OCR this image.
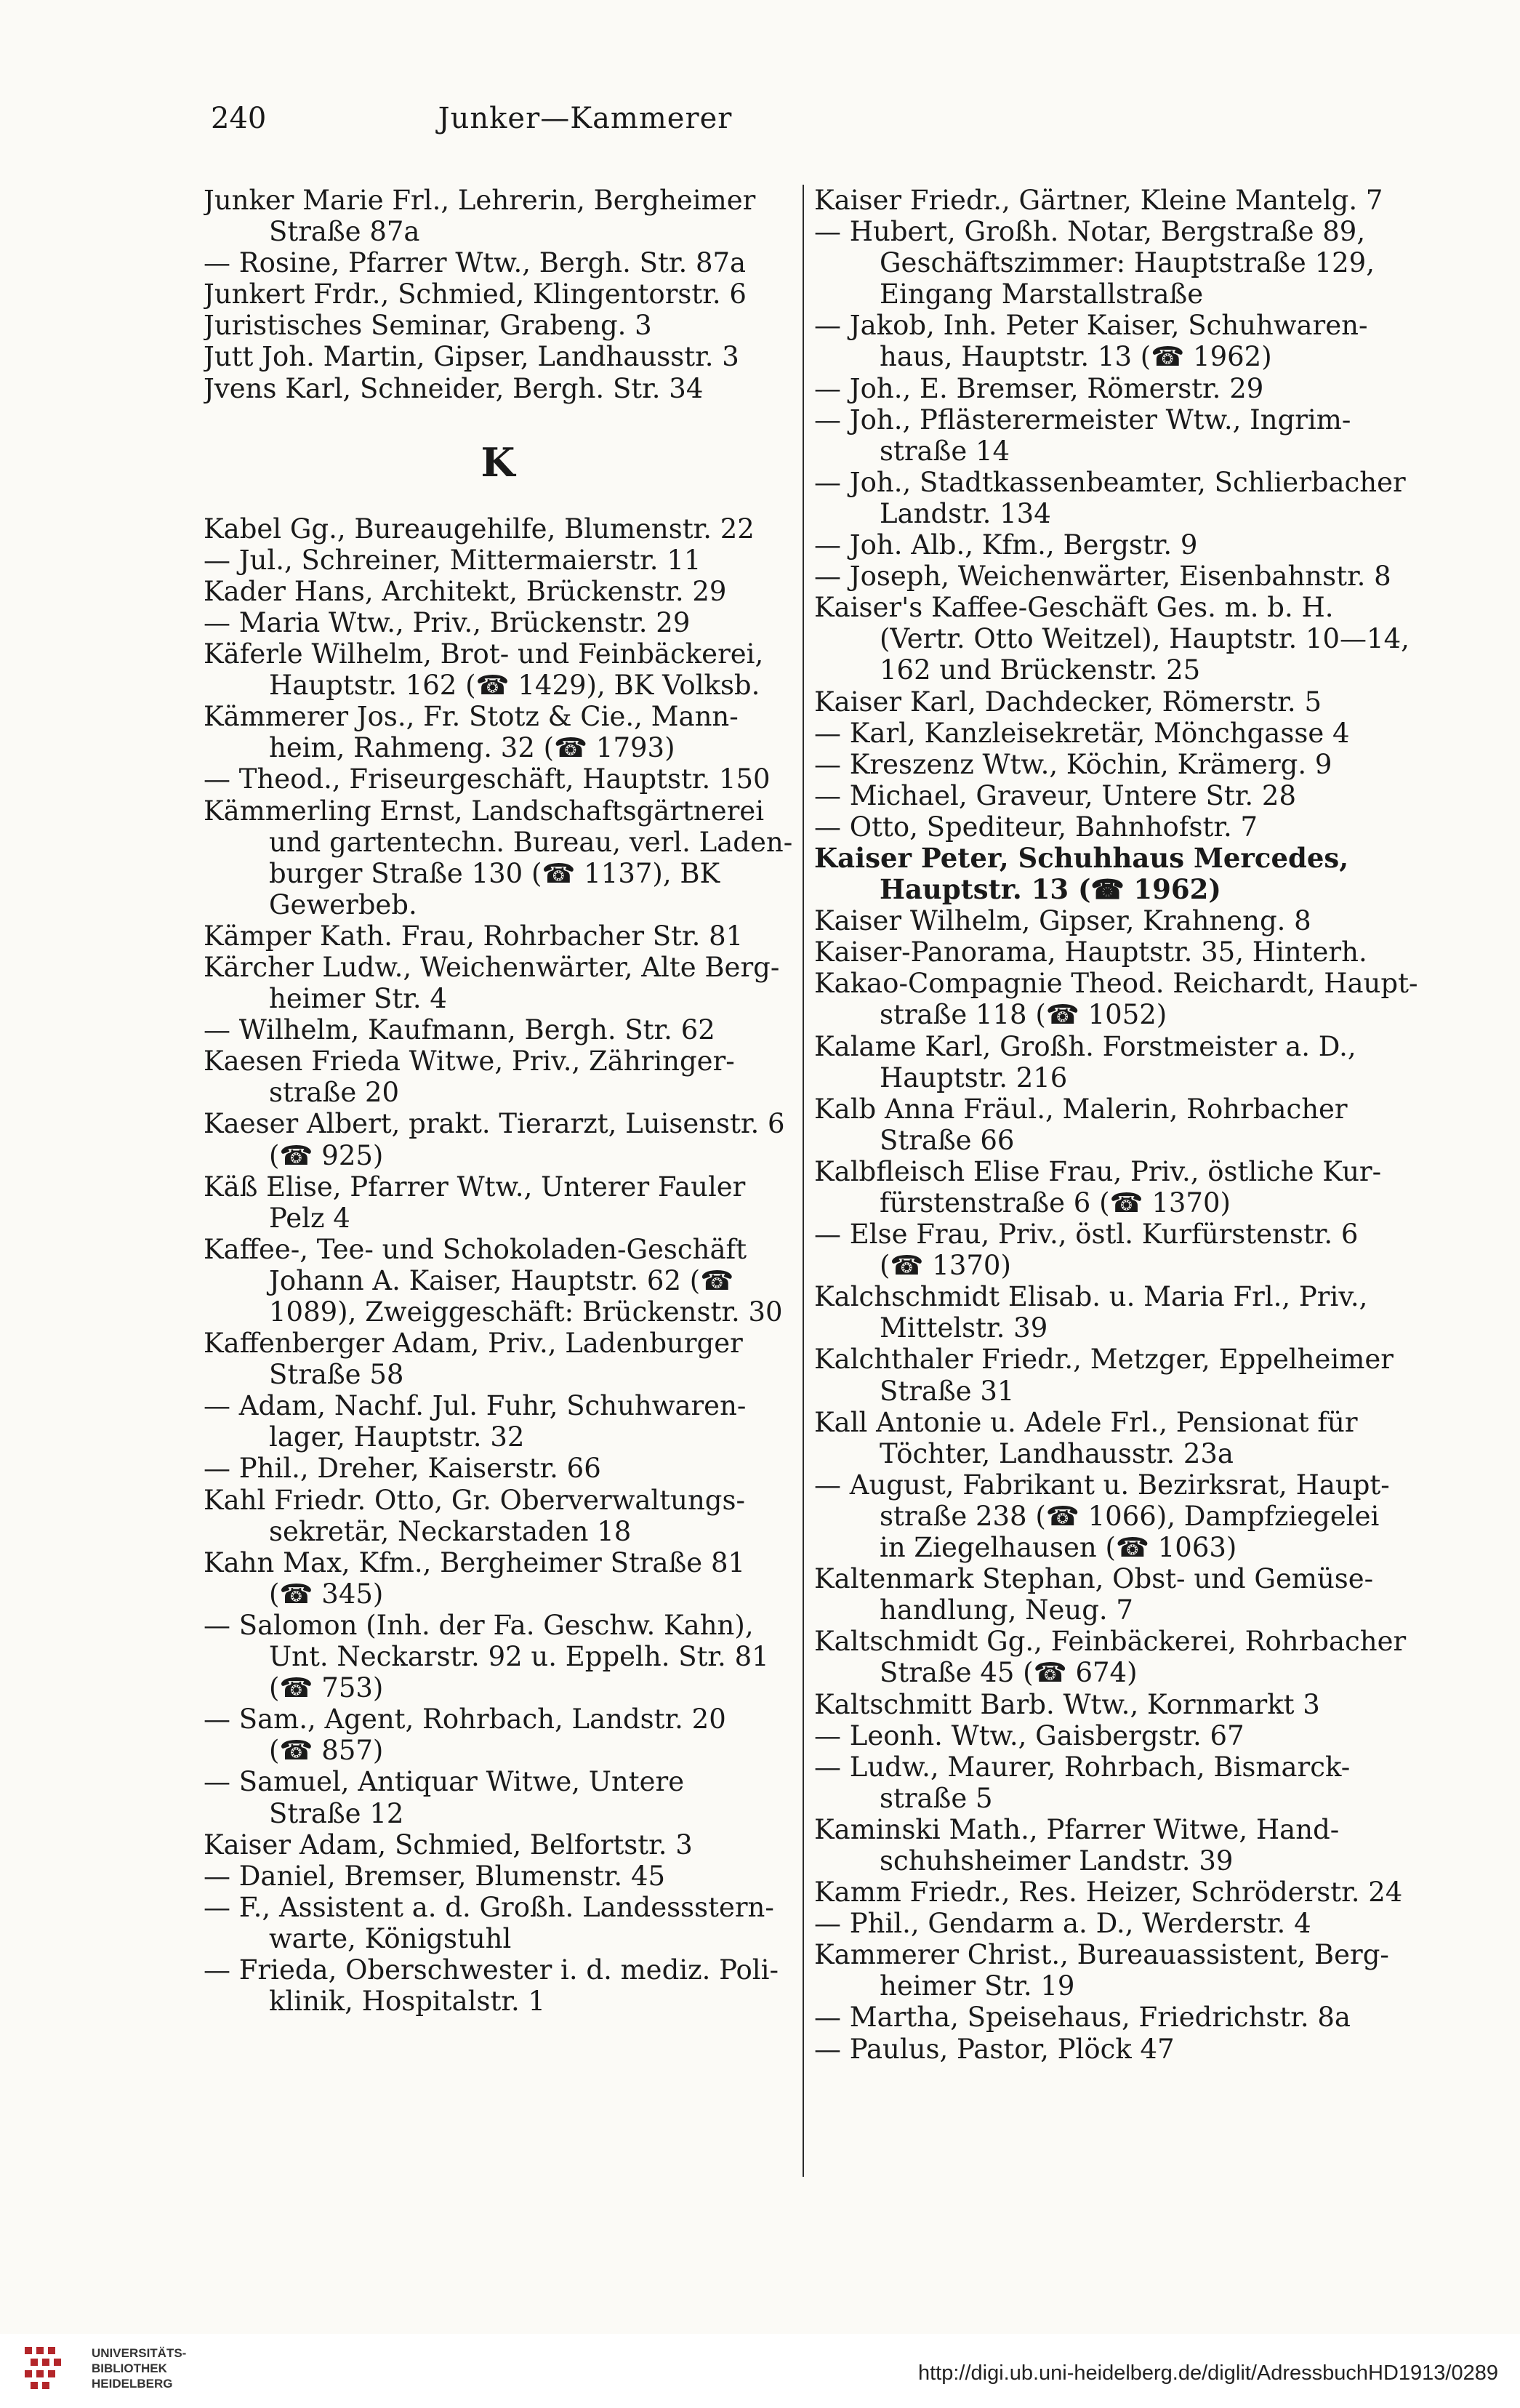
240	Junker—Kammerer
Junker Marie Frl., Lehrerin, Bergheimer
Straße 87a
— Rosine, Pfarrer Wtw., Bergh. Str. 87a
Junkert Frdr., Schmied, Klingentorstr. 6
Juristisches Seminar, Grabeng. 3
Jutt Joh. Martin, Gipser, Landhausstr. 3
Jvens Karl, Schneider, Bergh. Str. 34
K
Kabel Gg., Bureaugehilfe, Blumenstr. 22
— Jul., Schreiner, Mittermaierstr. 11
Kader Hans, Architekt, Brückenstr. 29
— Maria Wtw., Priv., Brückenstr. 29
Käferle Wilhelm, Brot- und Feinbäckerei,
Hauptstr. 162 (☎ 1429), BK Volksb.
Kämmerer Jos., Fr. Stotz & Cie., Mann-
heim, Rahmeng. 32 (☎ 1793)
— Theod., Friseurgeschäft, Hauptstr. 150
Kämmerling Ernst, Landschaftsgärtnerei
und gartentechn. Bureau, verl. Laden-
burger Straße 130 (☎ 1137), BK
Gewerbeb.
Kämper Kath. Frau, Rohrbacher Str. 81
Kärcher Ludw., Weichenwärter, Alte Berg-
heimer Str. 4
— Wilhelm, Kaufmann, Bergh. Str. 62
Kaesen Frieda Witwe, Priv., Zähringer-
straße 20
Kaeser Albert, prakt. Tierarzt, Luisenstr. 6
(☎ 925)
Käß Elise, Pfarrer Wtw., Unterer Fauler
Pelz 4
Kaffee-, Tee- und Schokoladen-Geschäft
Johann A. Kaiser, Hauptstr. 62 (☎
1089), Zweiggeschäft: Brückenstr. 30
Kaffenberger Adam, Priv., Ladenburger
Straße 58
— Adam, Nachf. Jul. Fuhr, Schuhwaren-
lager, Hauptstr. 32
— Phil., Dreher, Kaiserstr. 66
Kahl Friedr. Otto, Gr. Oberverwaltungs-
sekretär, Neckarstaden 18
Kahn Max, Kfm., Bergheimer Straße 81
(☎ 345)
— Salomon (Inh. der Fa. Geschw. Kahn),
Unt. Neckarstr. 92 u. Eppelh. Str. 81
(☎ 753)
— Sam., Agent, Rohrbach, Landstr. 20
(☎ 857)
— Samuel, Antiquar Witwe, Untere
Straße 12
Kaiser Adam, Schmied, Belfortstr. 3
— Daniel, Bremser, Blumenstr. 45
— F., Assistent a. d. Großh. Landessstern-
warte, Königstuhl
— Frieda, Oberschwester i. d. mediz. Poli-
klinik, Hospitalstr. 1
Kaiser Friedr., Gärtner, Kleine Mantelg. 7
— Hubert, Großh. Notar, Bergstraße 89,
Geschäftszimmer: Hauptstraße 129,
Eingang Marstallstraße
— Jakob, Inh. Peter Kaiser, Schuhwaren-
haus, Hauptstr. 13 (☎ 1962)
— Joh., E. Bremser, Römerstr. 29
— Joh., Pflästerermeister Wtw., Ingrim-
straße 14
— Joh., Stadtkassenbeamter, Schlierbacher
Landstr. 134
— Joh. Alb., Kfm., Bergstr. 9
— Joseph, Weichenwärter, Eisenbahnstr. 8
Kaiser's Kaffee-Geschäft Ges. m. b. H.
(Vertr. Otto Weitzel), Hauptstr. 10—14,
162 und Brückenstr. 25
Kaiser Karl, Dachdecker, Römerstr. 5
— Karl, Kanzleisekretär, Mönchgasse 4
— Kreszenz Wtw., Köchin, Krämerg. 9
— Michael, Graveur, Untere Str. 28
— Otto, Spediteur, Bahnhofstr. 7
Kaiser Peter, Schuhhaus Mercedes,
Hauptstr. 13 (☎ 1962)
Kaiser Wilhelm, Gipser, Krahneng. 8
Kaiser-Panorama, Hauptstr. 35, Hinterh.
Kakao-Compagnie Theod. Reichardt, Haupt-
straße 118 (☎ 1052)
Kalame Karl, Großh. Forstmeister a. D.,
Hauptstr. 216
Kalb Anna Fräul., Malerin, Rohrbacher
Straße 66
Kalbfleisch Elise Frau, Priv., östliche Kur-
fürstenstraße 6 (☎ 1370)
— Else Frau, Priv., östl. Kurfürstenstr. 6
(☎ 1370)
Kalchschmidt Elisab. u. Maria Frl., Priv.,
Mittelstr. 39
Kalchthaler Friedr., Metzger, Eppelheimer
Straße 31
Kall Antonie u. Adele Frl., Pensionat für
Töchter, Landhausstr. 23a
— August, Fabrikant u. Bezirksrat, Haupt-
straße 238 (☎ 1066), Dampfziegelei
in Ziegelhausen (☎ 1063)
Kaltenmark Stephan, Obst- und Gemüse-
handlung, Neug. 7
Kaltschmidt Gg., Feinbäckerei, Rohrbacher
Straße 45 (☎ 674)
Kaltschmitt Barb. Wtw., Kornmarkt 3
— Leonh. Wtw., Gaisbergstr. 67
— Ludw., Maurer, Rohrbach, Bismarck-
straße 5
Kaminski Math., Pfarrer Witwe, Hand-
schuhsheimer Landstr. 39
Kamm Friedr., Res. Heizer, Schröderstr. 24
— Phil., Gendarm a. D., Werderstr. 4
Kammerer Christ., Bureauassistent, Berg-
heimer Str. 19
— Martha, Speisehaus, Friedrichstr. 8a
— Paulus, Pastor, Plöck 47
UNIVERSITÄTS-
BIBLIOTHEK
HEIDELBERG	http://digi.ub.uni-heidelberg.de/diglit/AdressbuchHD1913/0289
